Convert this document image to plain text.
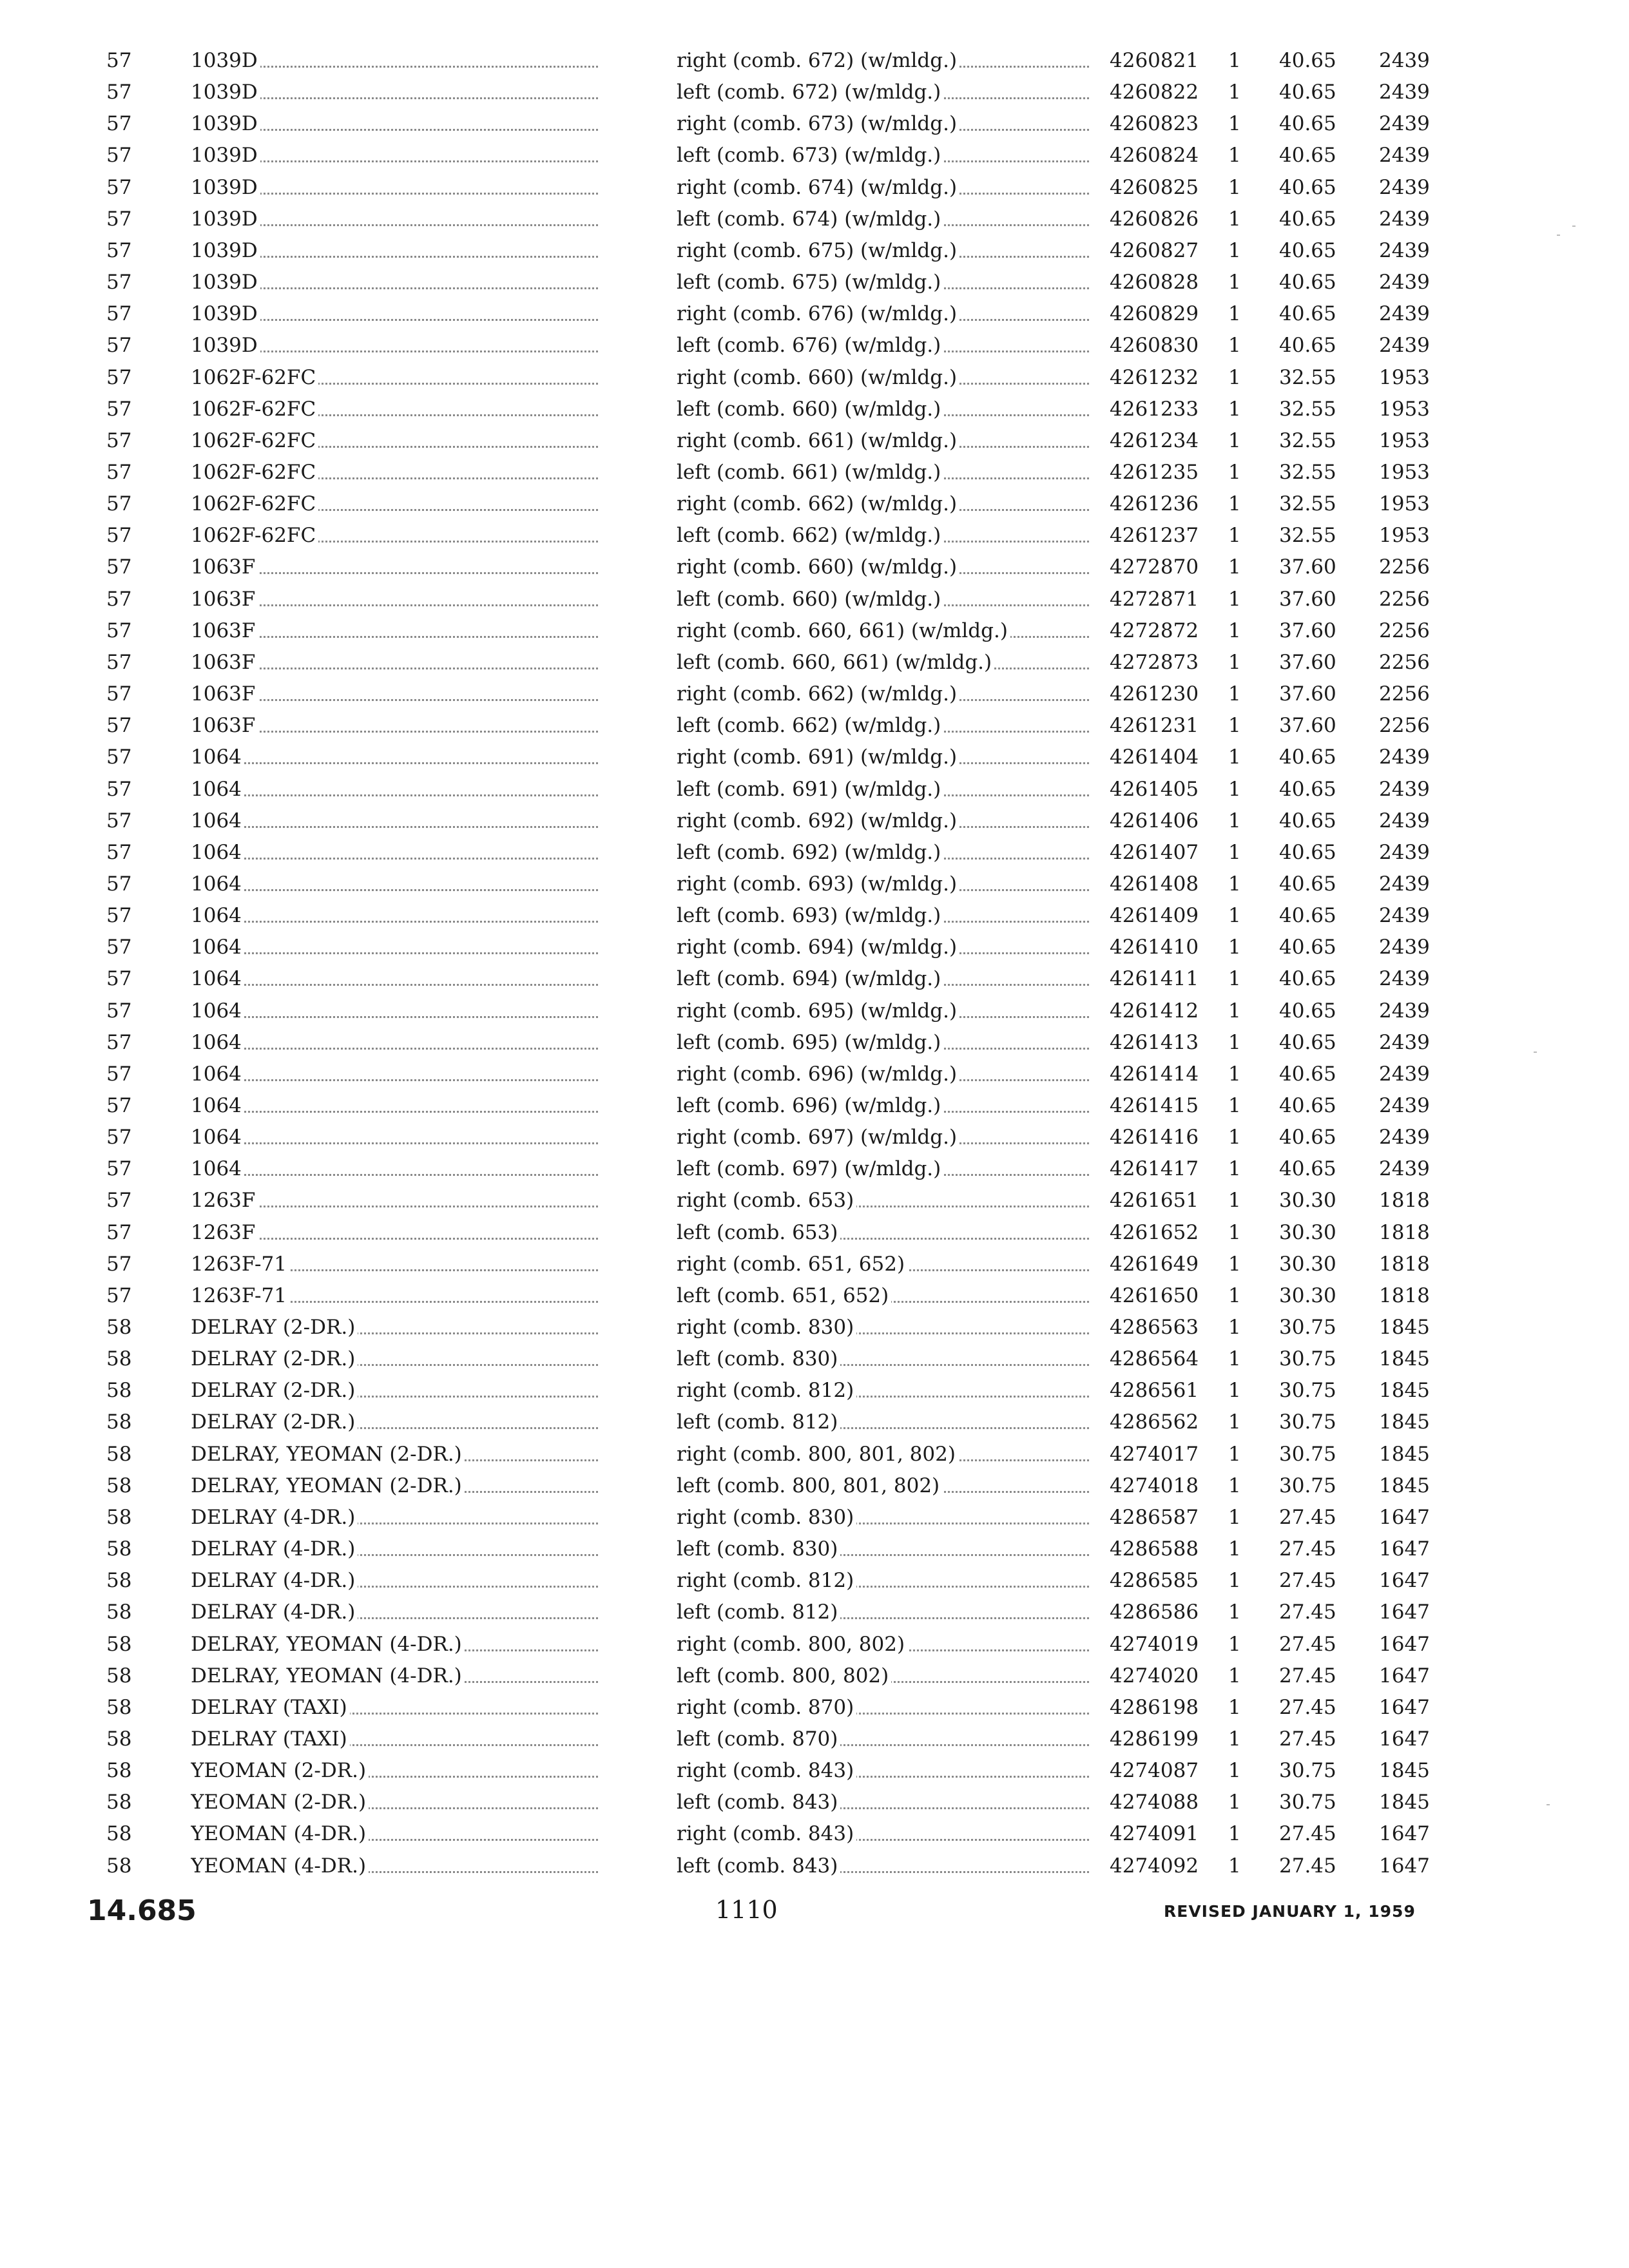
57	1039D	right (comb. 672) (w/mldg.)	4260821	1	40.65	2439
57	1039D	left (comb. 672) (w/mldg.)	4260822	1	40.65	2439
57	1039D	right (comb. 673) (w/mldg.)	4260823	1	40.65	2439
57	1039D	left (comb. 673) (w/mldg.)	4260824	1	40.65	2439
57	1039D	right (comb. 674) (w/mldg.)	4260825	1	40.65	2439
57	1039D	left (comb. 674) (w/mldg.)	4260826	1	40.65	2439
57	1039D	right (comb. 675) (w/mldg.)	4260827	1	40.65	2439
57	1039D	left (comb. 675) (w/mldg.)	4260828	1	40.65	2439
57	1039D	right (comb. 676) (w/mldg.)	4260829	1	40.65	2439
57	1039D	left (comb. 676) (w/mldg.)	4260830	1	40.65	2439
57	1062F-62FC	right (comb. 660) (w/mldg.)	4261232	1	32.55	1953
57	1062F-62FC	left (comb. 660) (w/mldg.)	4261233	1	32.55	1953
57	1062F-62FC	right (comb. 661) (w/mldg.)	4261234	1	32.55	1953
57	1062F-62FC	left (comb. 661) (w/mldg.)	4261235	1	32.55	1953
57	1062F-62FC	right (comb. 662) (w/mldg.)	4261236	1	32.55	1953
57	1062F-62FC	left (comb. 662) (w/mldg.)	4261237	1	32.55	1953
57	1063F	right (comb. 660) (w/mldg.)	4272870	1	37.60	2256
57	1063F	left (comb. 660) (w/mldg.)	4272871	1	37.60	2256
57	1063F	right (comb. 660, 661) (w/mldg.)	4272872	1	37.60	2256
57	1063F	left (comb. 660, 661) (w/mldg.)	4272873	1	37.60	2256
57	1063F	right (comb. 662) (w/mldg.)	4261230	1	37.60	2256
57	1063F	left (comb. 662) (w/mldg.)	4261231	1	37.60	2256
57	1064	right (comb. 691) (w/mldg.)	4261404	1	40.65	2439
57	1064	left (comb. 691) (w/mldg.)	4261405	1	40.65	2439
57	1064	right (comb. 692) (w/mldg.)	4261406	1	40.65	2439
57	1064	left (comb. 692) (w/mldg.)	4261407	1	40.65	2439
57	1064	right (comb. 693) (w/mldg.)	4261408	1	40.65	2439
57	1064	left (comb. 693) (w/mldg.)	4261409	1	40.65	2439
57	1064	right (comb. 694) (w/mldg.)	4261410	1	40.65	2439
57	1064	left (comb. 694) (w/mldg.)	4261411	1	40.65	2439
57	1064	right (comb. 695) (w/mldg.)	4261412	1	40.65	2439
57	1064	left (comb. 695) (w/mldg.)	4261413	1	40.65	2439
57	1064	right (comb. 696) (w/mldg.)	4261414	1	40.65	2439
57	1064	left (comb. 696) (w/mldg.)	4261415	1	40.65	2439
57	1064	right (comb. 697) (w/mldg.)	4261416	1	40.65	2439
57	1064	left (comb. 697) (w/mldg.)	4261417	1	40.65	2439
57	1263F	right (comb. 653)	4261651	1	30.30	1818
57	1263F	left (comb. 653)	4261652	1	30.30	1818
57	1263F-71	right (comb. 651, 652)	4261649	1	30.30	1818
57	1263F-71	left (comb. 651, 652)	4261650	1	30.30	1818
58	DELRAY (2-DR.)	right (comb. 830)	4286563	1	30.75	1845
58	DELRAY (2-DR.)	left (comb. 830)	4286564	1	30.75	1845
58	DELRAY (2-DR.)	right (comb. 812)	4286561	1	30.75	1845
58	DELRAY (2-DR.)	left (comb. 812)	4286562	1	30.75	1845
58	DELRAY, YEOMAN (2-DR.)	right (comb. 800, 801, 802)	4274017	1	30.75	1845
58	DELRAY, YEOMAN (2-DR.)	left (comb. 800, 801, 802)	4274018	1	30.75	1845
58	DELRAY (4-DR.)	right (comb. 830)	4286587	1	27.45	1647
58	DELRAY (4-DR.)	left (comb. 830)	4286588	1	27.45	1647
58	DELRAY (4-DR.)	right (comb. 812)	4286585	1	27.45	1647
58	DELRAY (4-DR.)	left (comb. 812)	4286586	1	27.45	1647
58	DELRAY, YEOMAN (4-DR.)	right (comb. 800, 802)	4274019	1	27.45	1647
58	DELRAY, YEOMAN (4-DR.)	left (comb. 800, 802)	4274020	1	27.45	1647
58	DELRAY (TAXI)	right (comb. 870)	4286198	1	27.45	1647
58	DELRAY (TAXI)	left (comb. 870)	4286199	1	27.45	1647
58	YEOMAN (2-DR.)	right (comb. 843)	4274087	1	30.75	1845
58	YEOMAN (2-DR.)	left (comb. 843)	4274088	1	30.75	1845
58	YEOMAN (4-DR.)	right (comb. 843)	4274091	1	27.45	1647
58	YEOMAN (4-DR.)	left (comb. 843)	4274092	1	27.45	1647
14.685	1110	REVISED JANUARY 1, 1959
